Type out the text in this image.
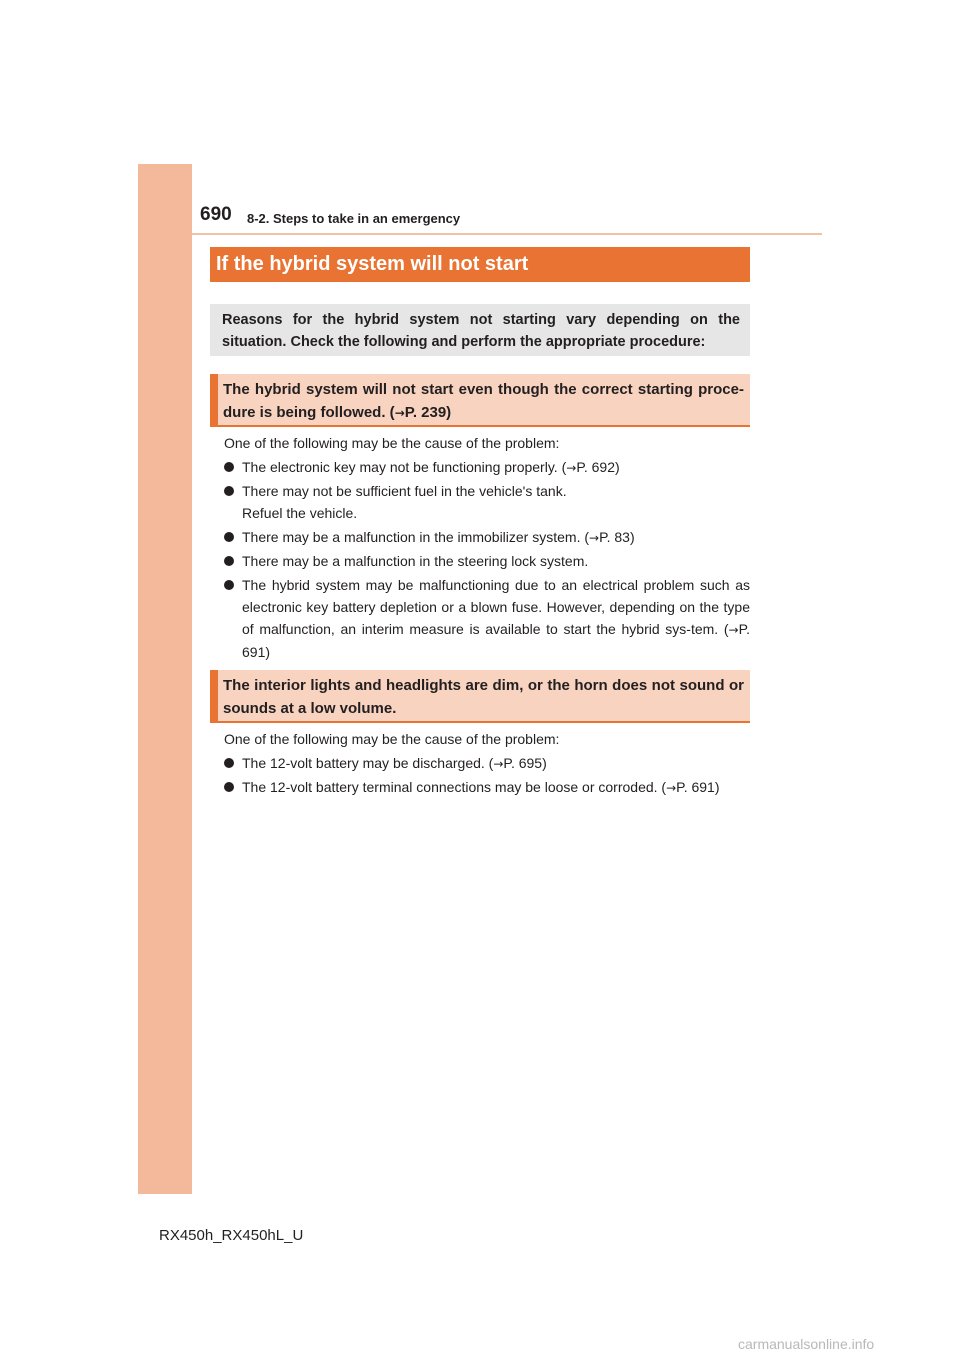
690 8-2. Steps to take in an emergency
If the hybrid system will not start
Reasons for the hybrid system not starting vary depending on the situation. Check the following and perform the appropriate procedure:
The hybrid system will not start even though the correct starting proce-dure is being followed. (→P. 239)

One of the following may be the cause of the problem:

The electronic key may not be functioning properly. (→P. 692)

There may not be sufficient fuel in the vehicle's tank.
Refuel the vehicle.

There may be a malfunction in the immobilizer system. (→P. 83)

There may be a malfunction in the steering lock system.

The hybrid system may be malfunctioning due to an electrical problem such as electronic key battery depletion or a blown fuse. However, depending on the type of malfunction, an interim measure is available to start the hybrid sys-tem. (→P. 691)

The interior lights and headlights are dim, or the horn does not sound or sounds at a low volume.

One of the following may be the cause of the problem:

The 12-volt battery may be discharged. (→P. 695)

The 12-volt battery terminal connections may be loose or corroded. (→P. 691)

RX450h_RX450hL_U
carmanualsonline.info
